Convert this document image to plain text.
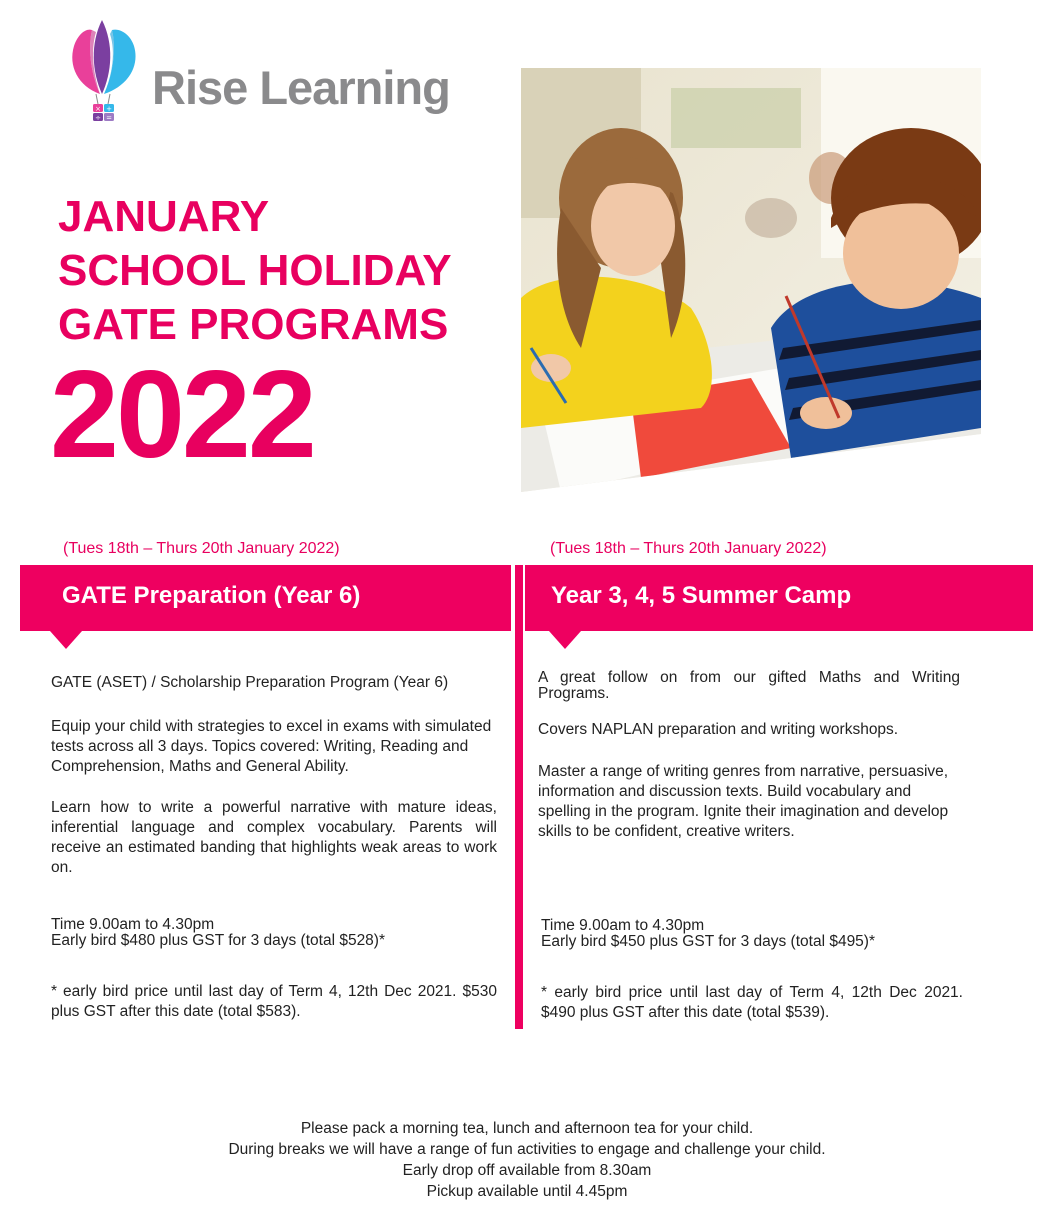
× +
÷ =
Rise Learning
JANUARY
SCHOOL HOLIDAY
GATE PROGRAMS
2022
(Tues 18th – Thurs 20th January 2022)	(Tues 18th – Thurs 20th January 2022)
GATE Preparation (Year 6)	Year 3, 4, 5 Summer Camp
GATE (ASET) / Scholarship Preparation Program (Year 6)
Equip your child with strategies to excel in exams with simulated tests across all 3 days. Topics covered: Writing, Reading and Comprehension, Maths and General Ability.
Learn how to write a powerful narrative with mature ideas, inferential language and complex vocabulary. Parents will receive an estimated banding that highlights weak areas to work on.
Time 9.00am to 4.30pm
Early bird $480 plus GST for 3 days (total $528)*
* early bird price until last day of Term 4, 12th Dec 2021. $530 plus GST after this date (total $583).
A great follow on from our gifted Maths and Writing Programs.
Covers NAPLAN preparation and writing workshops.
Master a range of writing genres from narrative, persuasive, information and discussion texts. Build vocabulary and spelling in the program. Ignite their imagination and develop skills to be confident, creative writers.
Time 9.00am to 4.30pm
Early bird $450 plus GST for 3 days (total $495)*
* early bird price until last day of Term 4, 12th Dec 2021. $490 plus GST after this date (total $539).
Please pack a morning tea, lunch and afternoon tea for your child.
During breaks we will have a range of fun activities to engage and challenge your child.
Early drop off available from 8.30am
Pickup available until 4.45pm
